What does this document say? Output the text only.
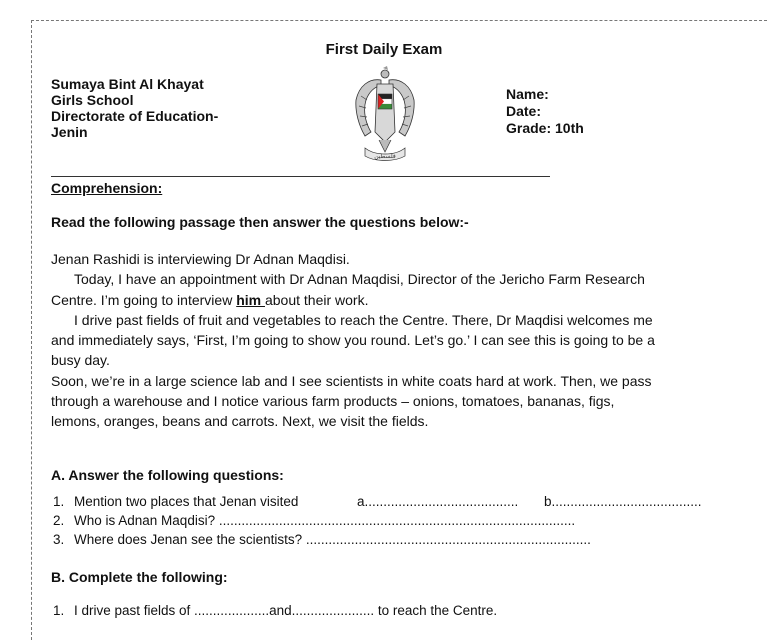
First Daily Exam
Sumaya Bint Al Khayat
Girls School
Directorate of Education-
Jenin
فلسطين
Name:
Date:
Grade: 10th
Comprehension:
Read the following passage then answer the questions below:-

Jenan Rashidi is interviewing Dr Adnan Maqdisi.

Today, I have an appointment with Dr Adnan Maqdisi, Director of the Jericho Farm Research

Centre. I’m going to interview him about their work.

I drive past fields of fruit and vegetables to reach the Centre. There, Dr Maqdisi welcomes me

and immediately says, ‘First, I’m going to show you round. Let’s go.’ I can see this is going to be a

busy day.

Soon, we’re in a large science lab and I see scientists in white coats hard at work. Then, we pass

through a warehouse and I notice various farm products – onions, tomatoes, bananas, figs,

lemons, oranges, beans and carrots. Next, we visit the fields.

A. Answer the following questions:
1. Mention two places that Jenan visited	a......................................... b........................................
2. Who is Adnan Maqdisi? ...............................................................................................
3. Where does Jenan see the scientists? ............................................................................
B. Complete the following:
1. I drive past fields of ....................and...................... to reach the Centre.
